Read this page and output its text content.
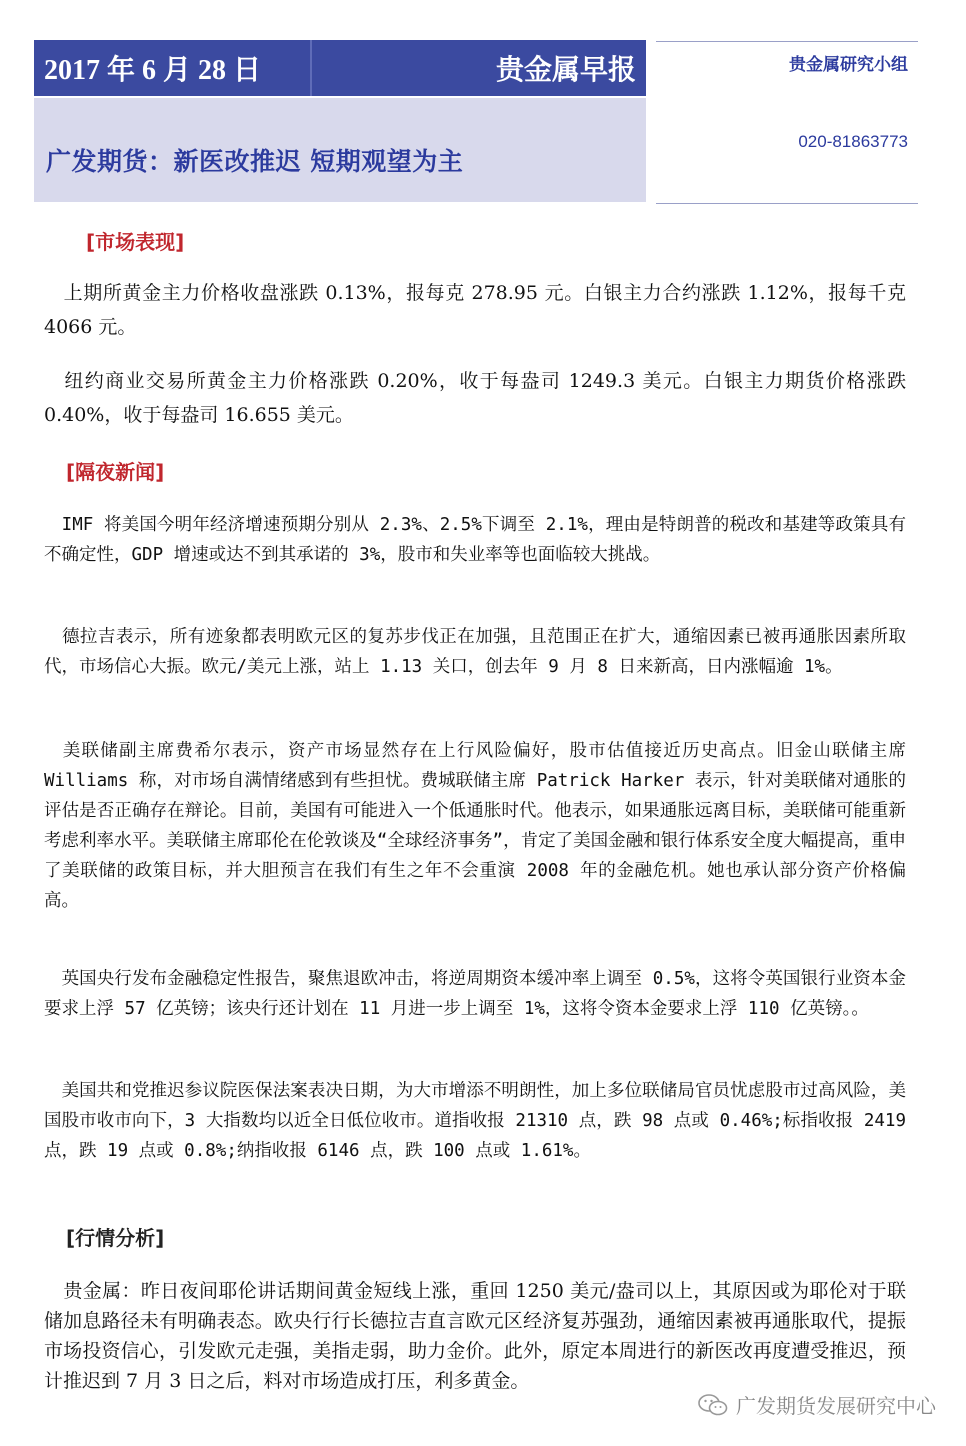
2017 年 6 月 28 日	贵金属早报
广发期货：新医改推迟 短期观望为主
贵金属研究小组
020-81863773
[市场表现]
　上期所黄金主力价格收盘涨跌 0.13%，报每克 278.95 元。白银主力合约涨跌 1.12%，报每千克 4066 元。
　纽约商业交易所黄金主力价格涨跌 0.20%，收于每盎司 1249.3 美元。白银主力期货价格涨跌 0.40%，收于每盎司 16.655 美元。
[隔夜新闻]
　IMF 将美国今明年经济增速预期分别从 2.3%、2.5%下调至 2.1%，理由是特朗普的税改和基建等政策具有不确定性，GDP 增速或达不到其承诺的 3%，股市和失业率等也面临较大挑战。
　德拉吉表示，所有迹象都表明欧元区的复苏步伐正在加强，且范围正在扩大，通缩因素已被再通胀因素所取代，市场信心大振。欧元/美元上涨，站上 1.13 关口，创去年 9 月 8 日来新高，日内涨幅逾 1%。
　美联储副主席费希尔表示，资产市场显然存在上行风险偏好，股市估值接近历史高点。旧金山联储主席 Williams 称，对市场自满情绪感到有些担忧。费城联储主席 Patrick Harker 表示，针对美联储对通胀的评估是否正确存在辩论。目前，美国有可能进入一个低通胀时代。他表示，如果通胀远离目标，美联储可能重新考虑利率水平。美联储主席耶伦在伦敦谈及“全球经济事务”，肯定了美国金融和银行体系安全度大幅提高，重申了美联储的政策目标，并大胆预言在我们有生之年不会重演 2008 年的金融危机。她也承认部分资产价格偏高。
　英国央行发布金融稳定性报告，聚焦退欧冲击，将逆周期资本缓冲率上调至 0.5%，这将令英国银行业资本金要求上浮 57 亿英镑；该央行还计划在 11 月进一步上调至 1%，这将令资本金要求上浮 110 亿英镑。。
　美国共和党推迟参议院医保法案表决日期，为大市增添不明朗性，加上多位联储局官员忧虑股市过高风险，美国股市收市向下，3 大指数均以近全日低位收市。道指收报 21310 点，跌 98 点或 0.46%;标指收报 2419 点，跌 19 点或 0.8%;纳指收报 6146 点，跌 100 点或 1.61%。
[行情分析]
　贵金属：昨日夜间耶伦讲话期间黄金短线上涨，重回 1250 美元/盎司以上，其原因或为耶伦对于联储加息路径未有明确表态。欧央行行长德拉吉直言欧元区经济复苏强劲，通缩因素被再通胀取代，提振市场投资信心，引发欧元走强，美指走弱，助力金价。此外，原定本周进行的新医改再度遭受推迟，预计推迟到 7 月 3 日之后，料对市场造成打压，利多黄金。
广发期货发展研究中心
